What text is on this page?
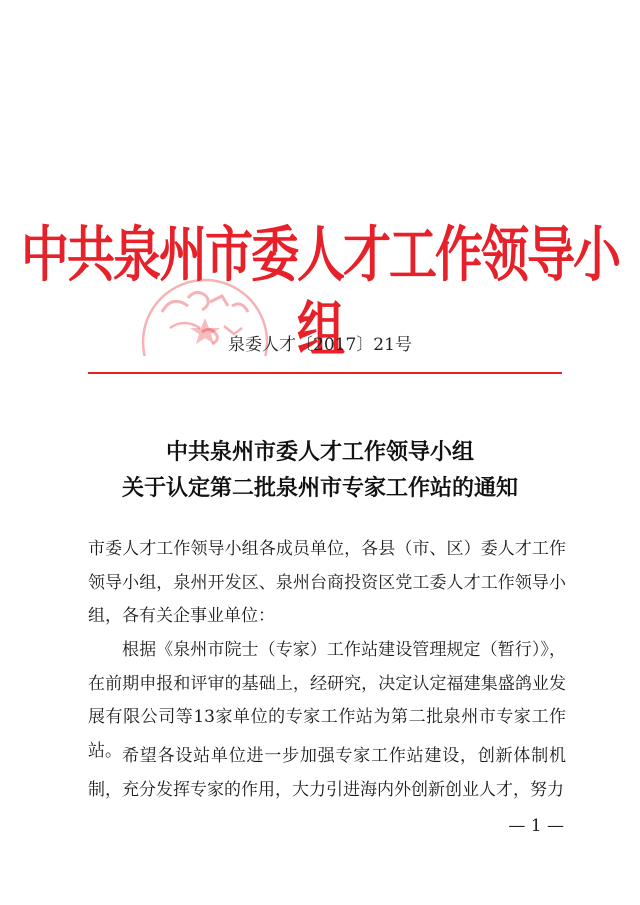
中共泉州市委人才工作领导小组
泉委人才〔2017〕21号
中共泉州市委人才工作领导小组
关于认定第二批泉州市专家工作站的通知
市委人才工作领导小组各成员单位，各县（市、区）委人才工作领导小组，泉州开发区、泉州台商投资区党工委人才工作领导小组，各有关企事业单位：
根据《泉州市院士（专家）工作站建设管理规定（暂行）》，在前期申报和评审的基础上，经研究，决定认定福建集盛鸽业发展有限公司等13家单位的专家工作站为第二批泉州市专家工作站。 希望各设站单位进一步加强专家工作站建设，创新体制机制，充分发挥专家的作用，大力引进海内外创新创业人才，努力
— 1 —
